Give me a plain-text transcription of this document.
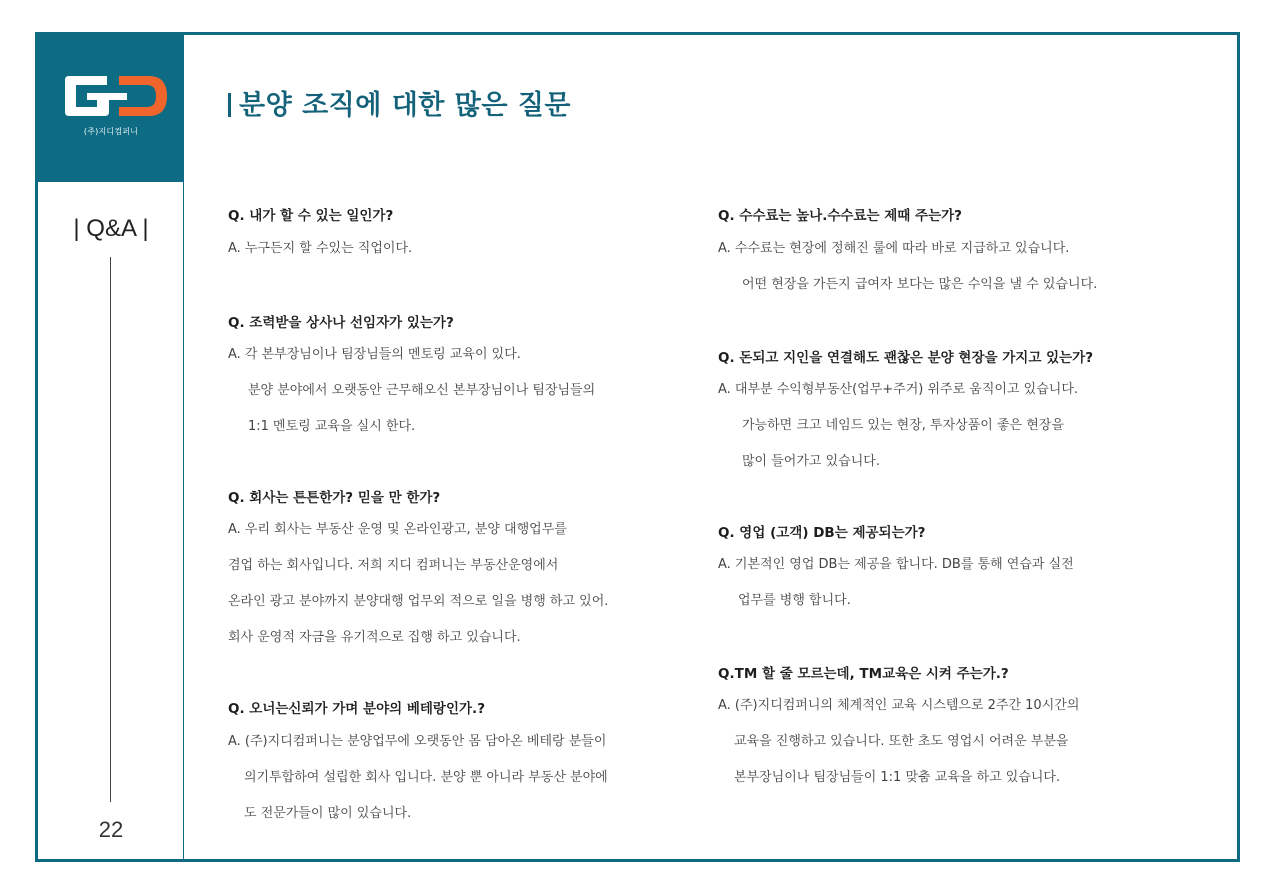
(주)지디컴퍼니
| Q&A |
22
분양 조직에 대한 많은 질문
Q. 내가 할 수 있는 일인가?
A. 누구든지 할 수있는 직업이다.
Q. 조력받을 상사나 선임자가 있는가?
A. 각 본부장님이나 팀장님들의 멘토링 교육이 있다.
분양 분야에서 오랫동안 근무해오신 본부장님이나 팀장님들의
1:1 멘토링 교육을 실시 한다.
Q. 회사는 튼튼한가? 믿을 만 한가?
A. 우리 회사는 부동산 운영 및 온라인광고, 분양 대행업무를
겸업 하는 회사입니다. 저희 지디 컴퍼니는 부동산운영에서
온라인 광고 분야까지 분양대행 업무외 적으로 일을 병행 하고 있어.
회사 운영적 자금을 유기적으로 집행 하고 있습니다.
Q. 오너는신뢰가 가며 분야의 베테랑인가.?
A. (주)지디컴퍼니는 분양업무에 오랫동안 몸 담아온 베테랑 분들이
의기투합하여 설립한 회사 입니다. 분양 뿐 아니라 부동산 분야에
도 전문가들이 많이 있습니다.
Q. 수수료는 높나.수수료는 제때 주는가?
A. 수수료는 현장에 정해진 룰에 따라 바로 지급하고 있습니다.
어떤 현장을 가든지 급여자 보다는 많은 수익을 낼 수 있습니다.
Q. 돈되고 지인을 연결해도 괜찮은 분양 현장을 가지고 있는가?
A. 대부분 수익형부동산(업무+주거) 위주로 움직이고 있습니다.
가능하면 크고 네임드 있는 현장, 투자상품이 좋은 현장을
많이 들어가고 있습니다.
Q. 영업 (고객) DB는 제공되는가?
A. 기본적인 영업 DB는 제공을 합니다. DB를 통해 연습과 실전
업무를 병행 합니다.
Q.TM 할 줄 모르는데, TM교육은 시켜 주는가.?
A. (주)지디컴퍼니의 체계적인 교육 시스템으로 2주간 10시간의
교육을 진행하고 있습니다. 또한 초도 영업시 어려운 부분을
본부장님이나 팀장님들이 1:1 맞춤 교육을 하고 있습니다.
